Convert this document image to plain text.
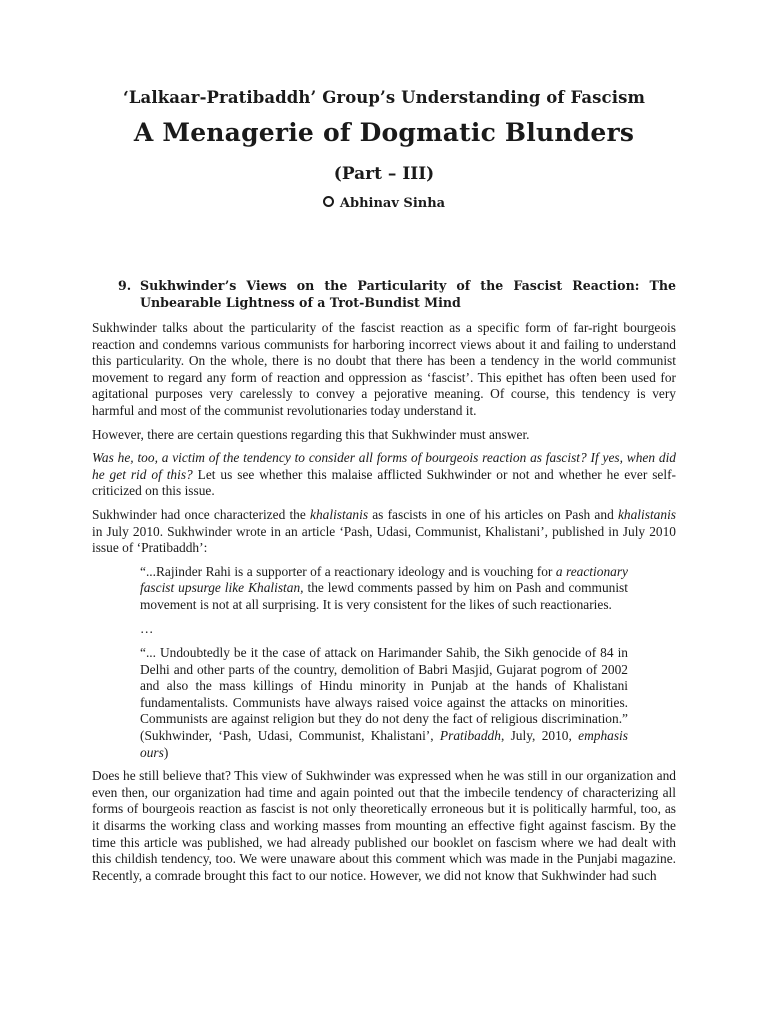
‘Lalkaar-Pratibaddh’ Group’s Understanding of Fascism
A Menagerie of Dogmatic Blunders
(Part – III)
Abhinav Sinha
9. Sukhwinder’s Views on the Particularity of the Fascist Reaction: The Unbearable Lightness of a Trot-Bundist Mind

Sukhwinder talks about the particularity of the fascist reaction as a specific form of far-right bourgeois reaction and condemns various communists for harboring incorrect views about it and failing to understand this particularity. On the whole, there is no doubt that there has been a tendency in the world communist movement to regard any form of reaction and oppression as ‘fascist’. This epithet has often been used for agitational purposes very carelessly to convey a pejorative meaning. Of course, this tendency is very harmful and most of the communist revolutionaries today understand it.

However, there are certain questions regarding this that Sukhwinder must answer.

Was he, too, a victim of the tendency to consider all forms of bourgeois reaction as fascist? If yes, when did he get rid of this? Let us see whether this malaise afflicted Sukhwinder or not and whether he ever self-criticized on this issue.

Sukhwinder had once characterized the khalistanis as fascists in one of his articles on Pash and khalistanis in July 2010. Sukhwinder wrote in an article ‘Pash, Udasi, Communist, Khalistani’, published in July 2010 issue of ‘Pratibaddh’:

“...Rajinder Rahi is a supporter of a reactionary ideology and is vouching for a reactionary fascist upsurge like Khalistan, the lewd comments passed by him on Pash and communist movement is not at all surprising. It is very consistent for the likes of such reactionaries.

…

“... Undoubtedly be it the case of attack on Harimander Sahib, the Sikh genocide of 84 in Delhi and other parts of the country, demolition of Babri Masjid, Gujarat pogrom of 2002 and also the mass killings of Hindu minority in Punjab at the hands of Khalistani fundamentalists. Communists have always raised voice against the attacks on minorities. Communists are against religion but they do not deny the fact of religious discrimination.” (Sukhwinder, ‘Pash, Udasi, Communist, Khalistani’, Pratibaddh, July, 2010, emphasis ours)

Does he still believe that? This view of Sukhwinder was expressed when he was still in our organization and even then, our organization had time and again pointed out that the imbecile tendency of characterizing all forms of bourgeois reaction as fascist is not only theoretically erroneous but it is politically harmful, too, as it disarms the working class and working masses from mounting an effective fight against fascism. By the time this article was published, we had already published our booklet on fascism where we had dealt with this childish tendency, too. We were unaware about this comment which was made in the Punjabi magazine. Recently, a comrade brought this fact to our notice. However, we did not know that Sukhwinder had such
